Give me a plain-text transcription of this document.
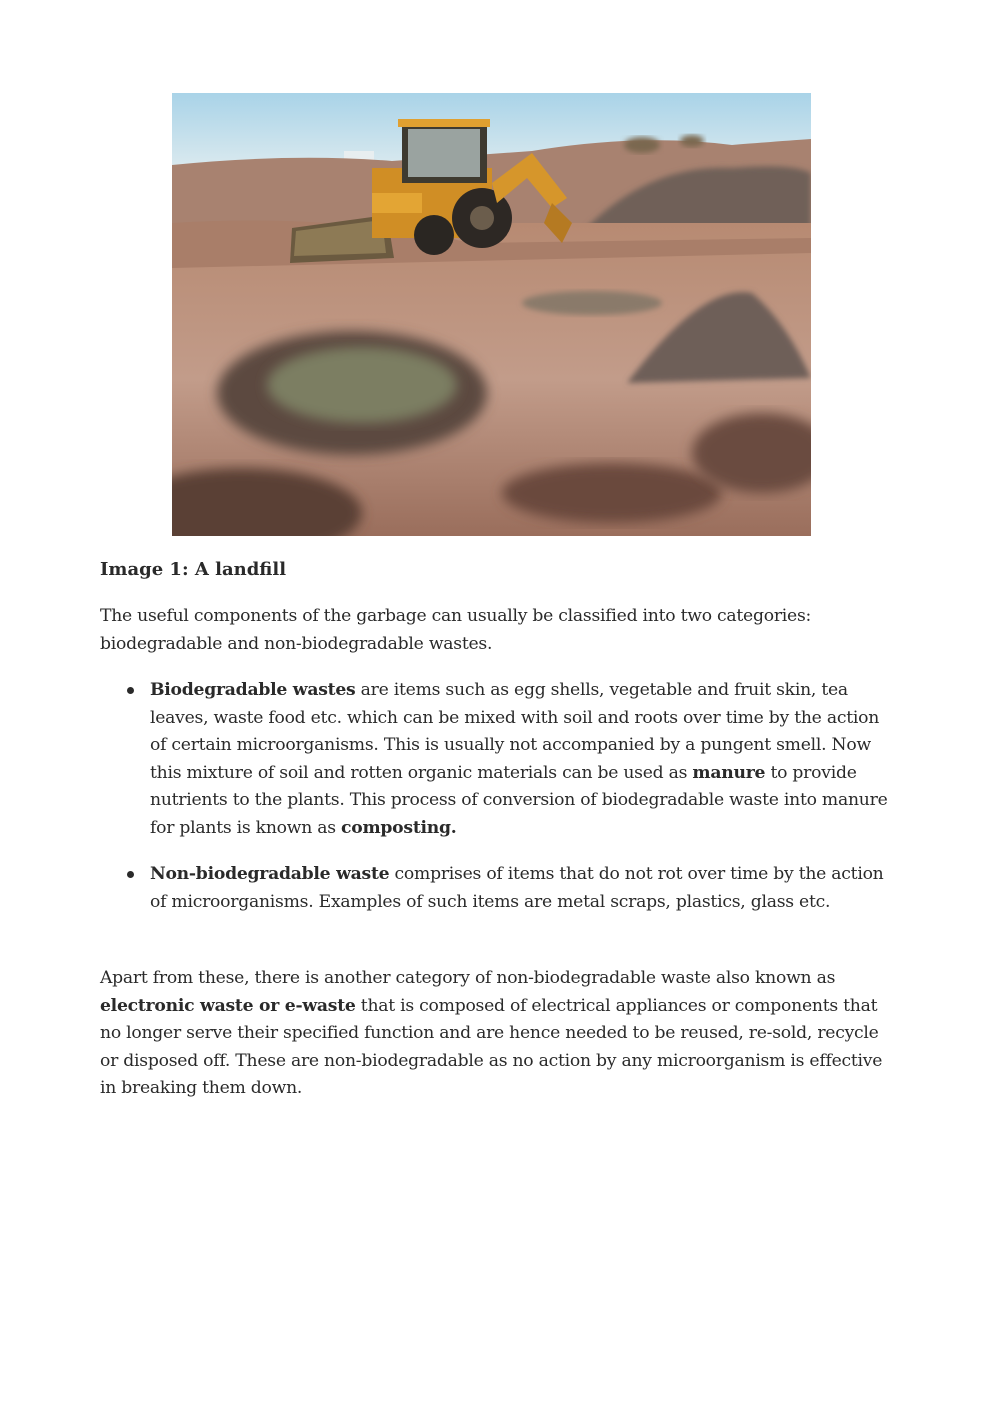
Image 1: A landfill

The useful components of the garbage can usually be classified into two categories:
biodegradable and non-biodegradable wastes.

Biodegradable wastes are items such as egg shells, vegetable and fruit skin, tea leaves, waste food etc. which can be mixed with soil and roots over time by the action of certain microorganisms. This is usually not accompanied by a pungent smell. Now this mixture of soil and rotten organic materials can be used as manure to provide nutrients to the plants. This process of conversion of biodegradable waste into manure for plants is known as composting.
Non-biodegradable waste comprises of items that do not rot over time by the action of microorganisms. Examples of such items are metal scraps, plastics, glass etc.

Apart from these, there is another category of non-biodegradable waste also known as electronic waste or e-waste that is composed of electrical appliances or components that no longer serve their specified function and are hence needed to be reused, re-sold, recycle or disposed off. These are non-biodegradable as no action by any microorganism is effective in breaking them down.
